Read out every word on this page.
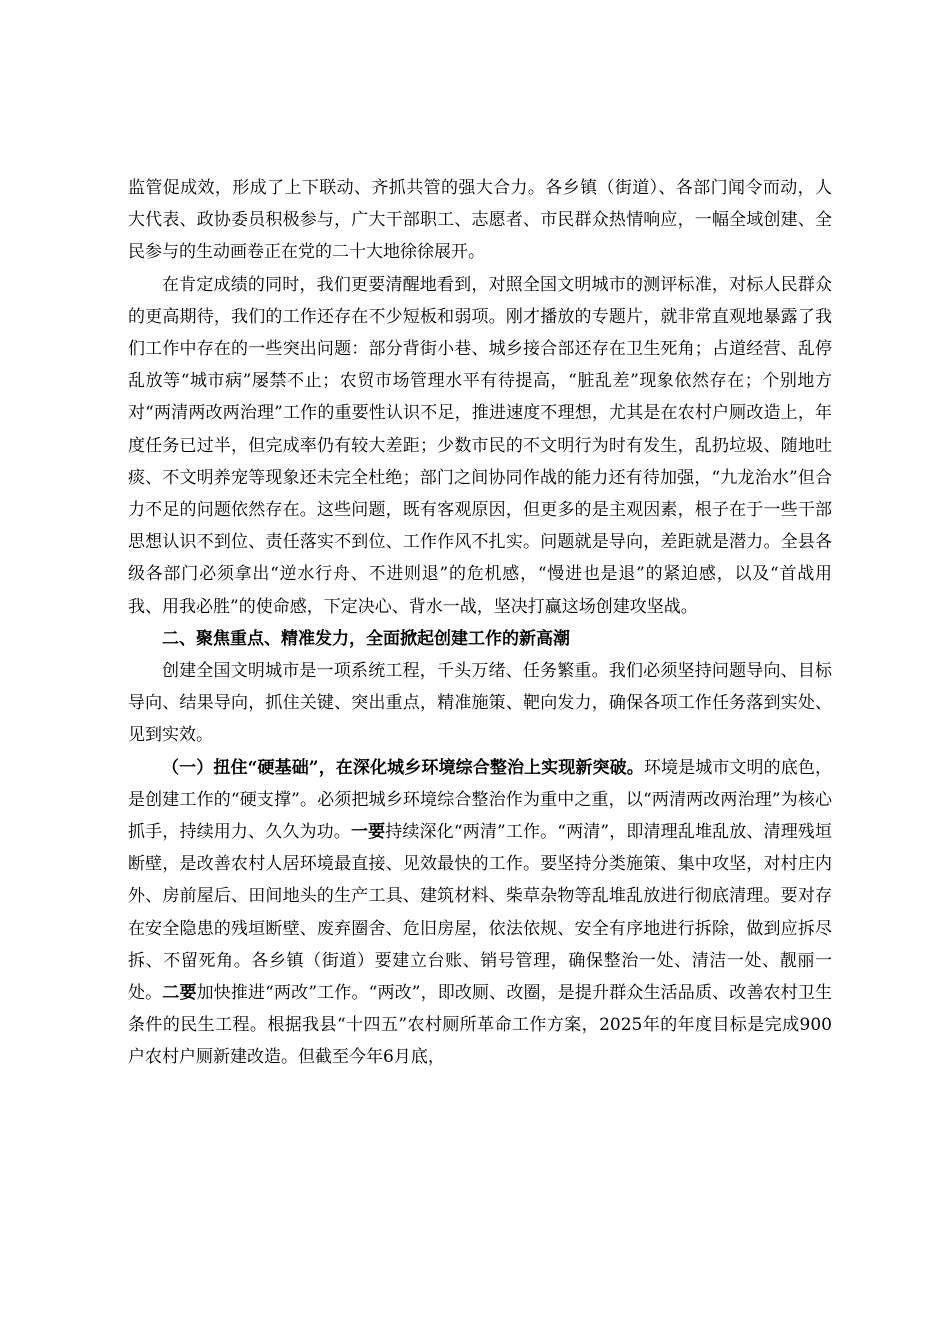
监管促成效，形成了上下联动、齐抓共管的强大合力。各乡镇（街道）、各部门闻令而动，人大代表、政协委员积极参与，广大干部职工、志愿者、市民群众热情响应，一幅全域创建、全民参与的生动画卷正在党的二十大地徐徐展开。

在肯定成绩的同时，我们更要清醒地看到，对照全国文明城市的测评标准，对标人民群众的更高期待，我们的工作还存在不少短板和弱项。刚才播放的专题片，就非常直观地暴露了我们工作中存在的一些突出问题：部分背街小巷、城乡接合部还存在卫生死角；占道经营、乱停乱放等“城市病”屡禁不止；农贸市场管理水平有待提高，“脏乱差”现象依然存在；个别地方对“两清两改两治理”工作的重要性认识不足，推进速度不理想，尤其是在农村户厕改造上，年度任务已过半，但完成率仍有较大差距；少数市民的不文明行为时有发生，乱扔垃圾、随地吐痰、不文明养宠等现象还未完全杜绝；部门之间协同作战的能力还有待加强，“九龙治水”但合力不足的问题依然存在。这些问题，既有客观原因，但更多的是主观因素，根子在于一些干部思想认识不到位、责任落实不到位、工作作风不扎实。问题就是导向，差距就是潜力。全县各级各部门必须拿出“逆水行舟、不进则退”的危机感，“慢进也是退”的紧迫感，以及“首战用我、用我必胜”的使命感，下定决心、背水一战，坚决打赢这场创建攻坚战。

二、聚焦重点、精准发力，全面掀起创建工作的新高潮

创建全国文明城市是一项系统工程，千头万绪、任务繁重。我们必须坚持问题导向、目标导向、结果导向，抓住关键、突出重点，精准施策、靶向发力，确保各项工作任务落到实处、见到实效。

（一）扭住“硬基础”，在深化城乡环境综合整治上实现新突破。环境是城市文明的底色，是创建工作的“硬支撑”。必须把城乡环境综合整治作为重中之重，以“两清两改两治理”为核心抓手，持续用力、久久为功。一要持续深化“两清”工作。“两清”，即清理乱堆乱放、清理残垣断壁，是改善农村人居环境最直接、见效最快的工作。要坚持分类施策、集中攻坚，对村庄内外、房前屋后、田间地头的生产工具、建筑材料、柴草杂物等乱堆乱放进行彻底清理。要对存在安全隐患的残垣断壁、废弃圈舍、危旧房屋，依法依规、安全有序地进行拆除，做到应拆尽拆、不留死角。各乡镇（街道）要建立台账、销号管理，确保整治一处、清洁一处、靓丽一处。二要加快推进“两改”工作。“两改”，即改厕、改圈，是提升群众生活品质、改善农村卫生条件的民生工程。根据我县“十四五”农村厕所革命工作方案，2025年的年度目标是完成900户农村户厕新建改造。但截至今年6月底，
